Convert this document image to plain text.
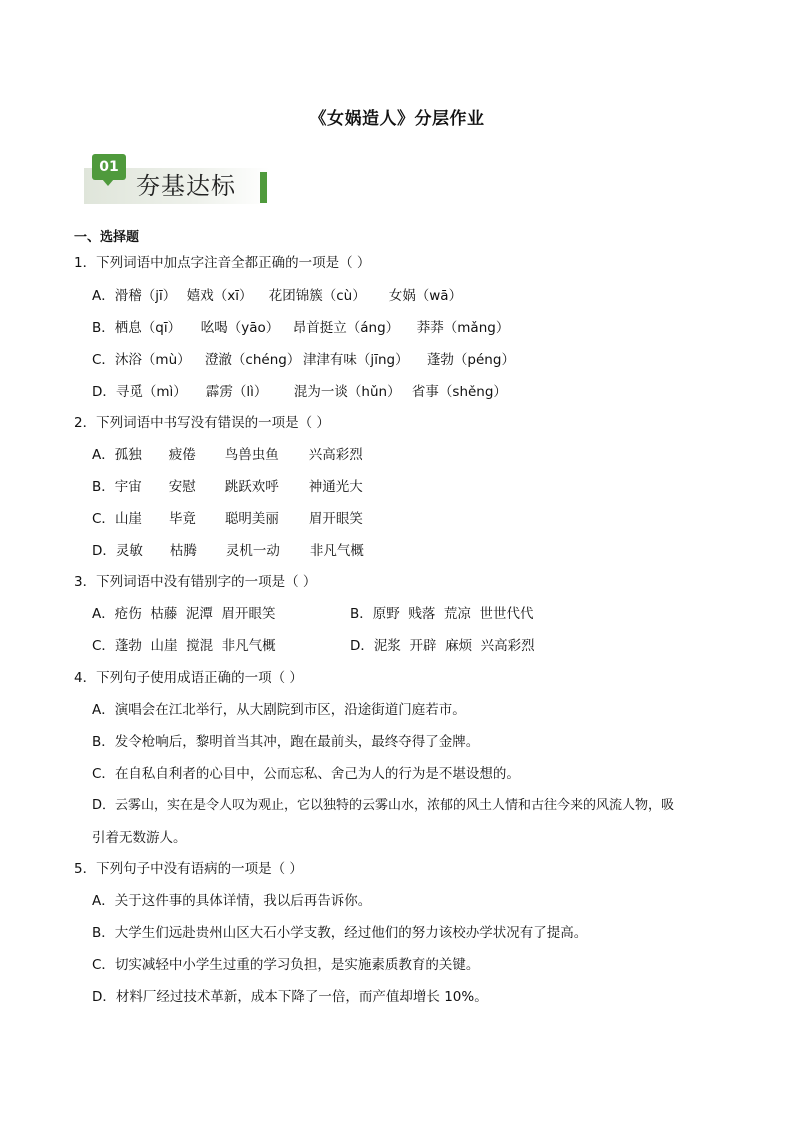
《女娲造人》分层作业
01
夯基达标
一、选择题
1．下列词语中加点字注音全都正确的一项是（ ）
A．滑稽（jī） 嬉戏（xī） 花团锦簇（cù） 女娲（wā）
B．栖息（qī） 吆喝（yāo） 昂首挺立（áng） 莽莽（mǎng）
C．沐浴（mù） 澄澈（chéng） 津津有味（jīng） 蓬勃（péng）
D．寻觅（mì） 霹雳（lì） 混为一谈（hǔn） 省事（shěng）
2．下列词语中书写没有错误的一项是（ ）
A．孤独 疲倦 鸟兽虫鱼 兴高彩烈
B．宇宙 安慰 跳跃欢呼 神通光大
C．山崖 毕竟 聪明美丽 眉开眼笑
D．灵敏 枯腾 灵机一动 非凡气概
3．下列词语中没有错别字的一项是（ ）
A．疮伤  枯藤  泥潭  眉开眼笑	B．原野  贱落  荒凉  世世代代
C．蓬勃  山崖  搅混  非凡气概	D．泥浆  开辟  麻烦  兴高彩烈
4．下列句子使用成语正确的一项（ ）
A．演唱会在江北举行，从大剧院到市区，沿途街道门庭若市。
B．发令枪响后，黎明首当其冲，跑在最前头，最终夺得了金牌。
C．在自私自利者的心目中，公而忘私、舍己为人的行为是不堪设想的。
D．云雾山，实在是令人叹为观止，它以独特的云雾山水，浓郁的风土人情和古往今来的风流人物，吸
引着无数游人。
5．下列句子中没有语病的一项是（ ）
A．关于这件事的具体详情，我以后再告诉你。
B．大学生们远赴贵州山区大石小学支教，经过他们的努力该校办学状况有了提高。
C．切实减轻中小学生过重的学习负担，是实施素质教育的关键。
D．材料厂经过技术革新，成本下降了一倍，而产值却增长 10%。
